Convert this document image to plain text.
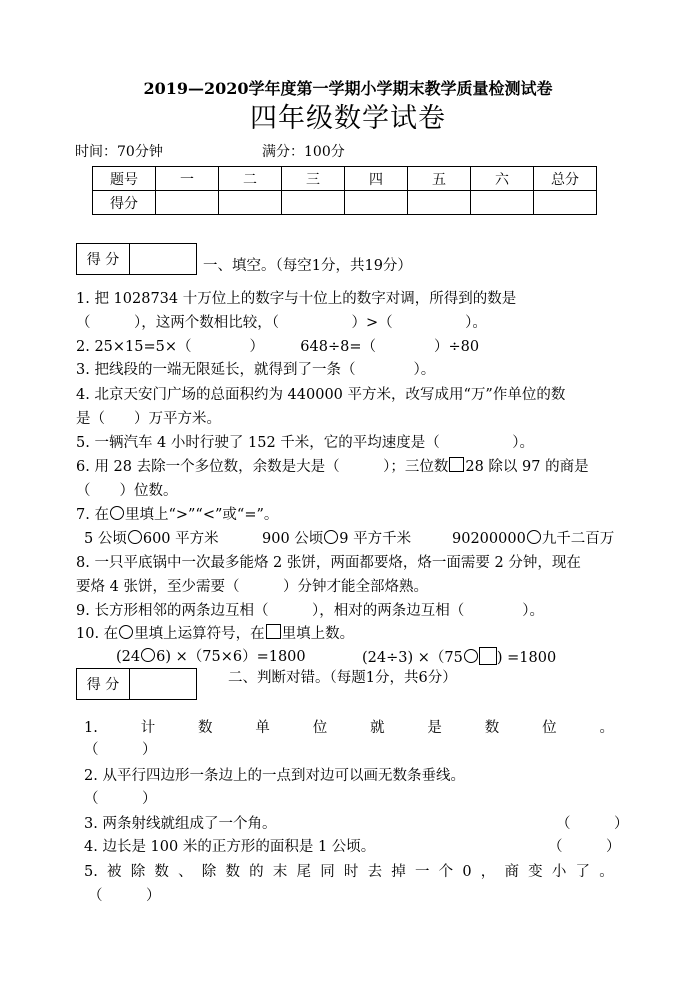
2019—2020学年度第一学期小学期末教学质量检测试卷
四年级数学试卷
时间：70分钟	满分：100分
题号	一	二	三	四	五	六	总分
得分							
得 分	一、填空。（每空1分，共19分）
1. 把 1028734 十万位上的数字与十位上的数字对调，所得到的数是
（　　　），这两个数相比较，（　　　　　）>（　　　　　）。
2. 25×15=5×（　　　　）　　　648÷8=（　　　　）÷80
3. 把线段的一端无限延长，就得到了一条（　　　　）。
4. 北京天安门广场的总面积约为 440000 平方米，改写成用“万”作单位的数
是（　　）万平方米。
5. 一辆汽车 4 小时行驶了 152 千米，它的平均速度是（　　　　　）。
6. 用 28 去除一个多位数，余数是大是（　　　）；三位数 28 除以 97 的商是
（　　）位数。
7. 在 里填上“>”“<”或“=”。
5 公顷 600 平方米	900 公顷 9 平方千米	90200000 九千二百万
8. 一只平底锅中一次最多能烙 2 张饼，两面都要烙，烙一面需要 2 分钟，现在
要烙 4 张饼，至少需要（　　　）分钟才能全部烙熟。
9. 长方形相邻的两条边互相（　　　），相对的两条边互相（　　　　）。
10. 在 里填上运算符号，在 里填上数。
(24 6) ×（75×6）=1800	(24÷3) ×（75 ) =1800
得 分	二、判断对错。（每题1分，共6分）
1.	计	数	单	位	就	是	数	位	。
（　　　）
2. 从平行四边形一条边上的一点到对边可以画无数条垂线。
（　　　）
3. 两条射线就组成了一个角。	（　　　）
4. 边长是 100 米的正方形的面积是 1 公顷。	（　　　）
5. 被 除 数 、 除 数 的 末 尾 同 时 去 掉 一 个 0 ， 商 变 小 了 。
（　　　）
